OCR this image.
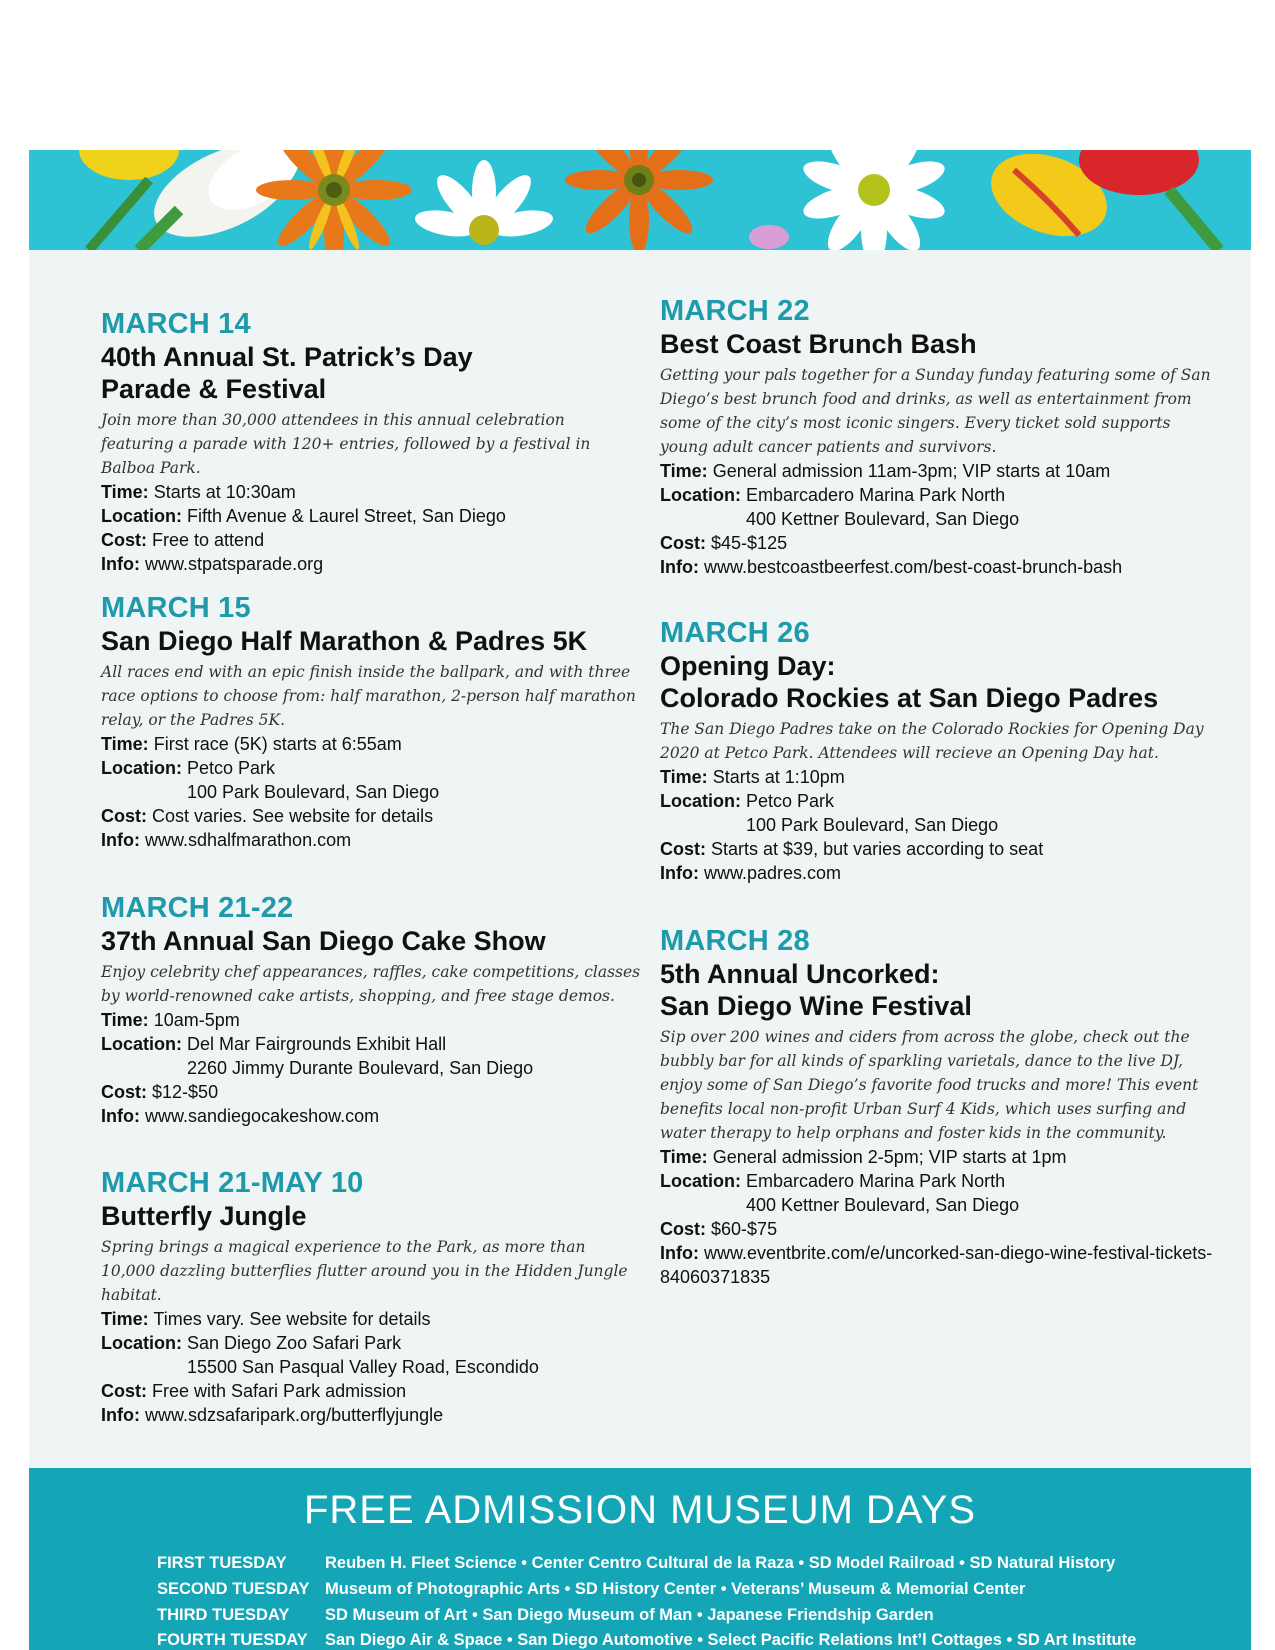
MARCH 14
40th Annual St. Patrick’s Day
Parade & Festival
Join more than 30,000 attendees in this annual celebration featuring a parade with 120+ entries, followed by a festival in Balboa Park.
Time: Starts at 10:30am
Location: Fifth Avenue & Laurel Street, San Diego
Cost: Free to attend
Info: www.stpatsparade.org
MARCH 15
San Diego Half Marathon & Padres 5K
All races end with an epic finish inside the ballpark, and with three race options to choose from: half marathon, 2-person half marathon relay, or the Padres 5K.
Time: First race (5K) starts at 6:55am
Location: Petco Park
100 Park Boulevard, San Diego
Cost: Cost varies. See website for details
Info: www.sdhalfmarathon.com
MARCH 21-22
37th Annual San Diego Cake Show
Enjoy celebrity chef appearances, raffles, cake competitions, classes by world-renowned cake artists, shopping, and free stage demos.
Time: 10am-5pm
Location: Del Mar Fairgrounds Exhibit Hall
2260 Jimmy Durante Boulevard, San Diego
Cost: $12-$50
Info: www.sandiegocakeshow.com
MARCH 21-MAY 10
Butterfly Jungle
Spring brings a magical experience to the Park, as more than 10,000 dazzling butterflies flutter around you in the Hidden Jungle habitat.
Time: Times vary. See website for details
Location: San Diego Zoo Safari Park
15500 San Pasqual Valley Road, Escondido
Cost: Free with Safari Park admission
Info: www.sdzsafaripark.org/butterflyjungle
MARCH 22
Best Coast Brunch Bash
Getting your pals together for a Sunday funday featuring some of San Diego’s best brunch food and drinks, as well as entertainment from some of the city’s most iconic singers. Every ticket sold supports young adult cancer patients and survivors.
Time: General admission 11am-3pm; VIP starts at 10am
Location: Embarcadero Marina Park North
400 Kettner Boulevard, San Diego
Cost: $45-$125
Info: www.bestcoastbeerfest.com/best-coast-brunch-bash
MARCH 26
Opening Day:
Colorado Rockies at San Diego Padres
The San Diego Padres take on the Colorado Rockies for Opening Day 2020 at Petco Park. Attendees will recieve an Opening Day hat.
Time: Starts at 1:10pm
Location: Petco Park
100 Park Boulevard, San Diego
Cost: Starts at $39, but varies according to seat
Info: www.padres.com
MARCH 28
5th Annual Uncorked:
San Diego Wine Festival
Sip over 200 wines and ciders from across the globe, check out the bubbly bar for all kinds of sparkling varietals, dance to the live DJ, enjoy some of San Diego’s favorite food trucks and more! This event benefits local non-profit Urban Surf 4 Kids, which uses surfing and water therapy to help orphans and foster kids in the community.
Time: General admission 2-5pm; VIP starts at 1pm
Location: Embarcadero Marina Park North
400 Kettner Boulevard, San Diego
Cost: $60-$75
Info: www.eventbrite.com/e/uncorked-san-diego-wine-festival-tickets-84060371835
FREE ADMISSION MUSEUM DAYS
FIRST TUESDAY Reuben H. Fleet Science • Center Centro Cultural de la Raza • SD Model Railroad • SD Natural History
SECOND TUESDAY Museum of Photographic Arts • SD History Center • Veterans’ Museum & Memorial Center
THIRD TUESDAY SD Museum of Art • San Diego Museum of Man • Japanese Friendship Garden
FOURTH TUESDAY San Diego Air & Space • San Diego Automotive • Select Pacific Relations Int’l Cottages • SD Art Institute
